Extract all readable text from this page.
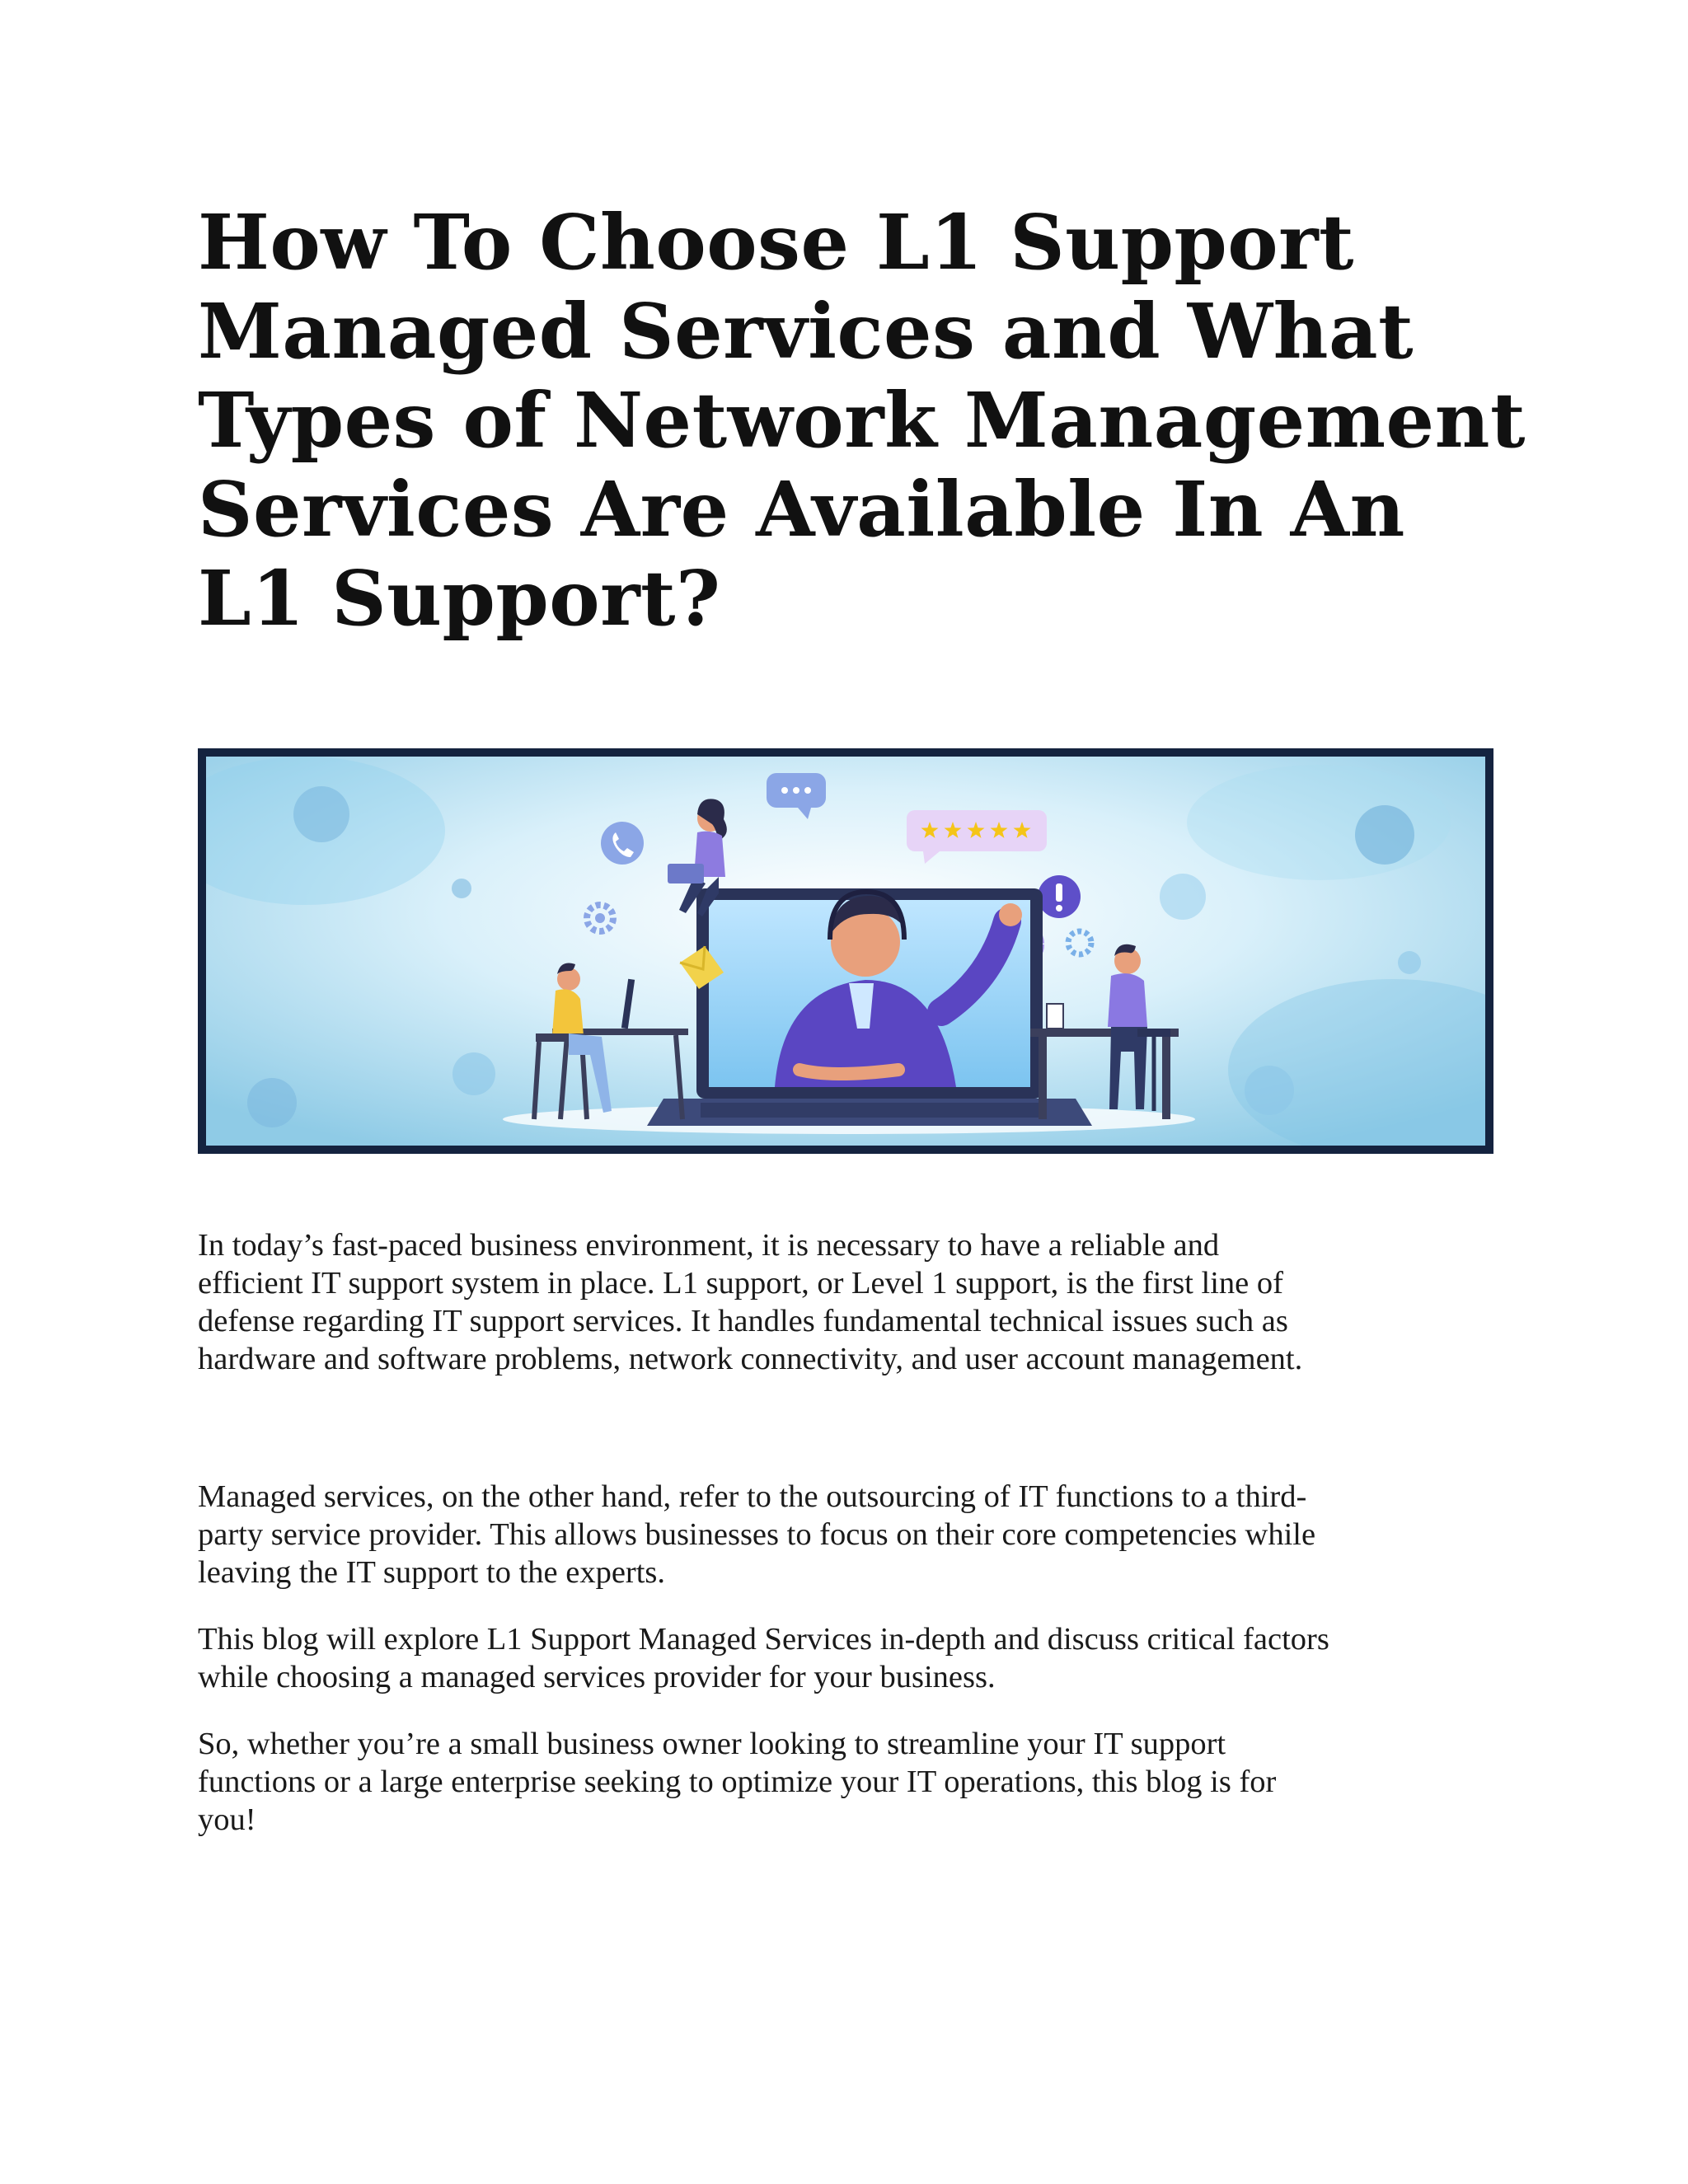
How To Choose L1 Support
Managed Services and What
Types of Network Management
Services Are Available In An
L1 Support?

In today’s fast-paced business environment, it is necessary to have a reliable and
efficient IT support system in place. L1 support, or Level 1 support, is the first line of
defense regarding IT support services. It handles fundamental technical issues such as
hardware and software problems, network connectivity, and user account management.

Managed services, on the other hand, refer to the outsourcing of IT functions to a third-
party service provider. This allows businesses to focus on their core competencies while
leaving the IT support to the experts.

This blog will explore L1 Support Managed Services in-depth and discuss critical factors
while choosing a managed services provider for your business.

So, whether you’re a small business owner looking to streamline your IT support
functions or a large enterprise seeking to optimize your IT operations, this blog is for
you!
